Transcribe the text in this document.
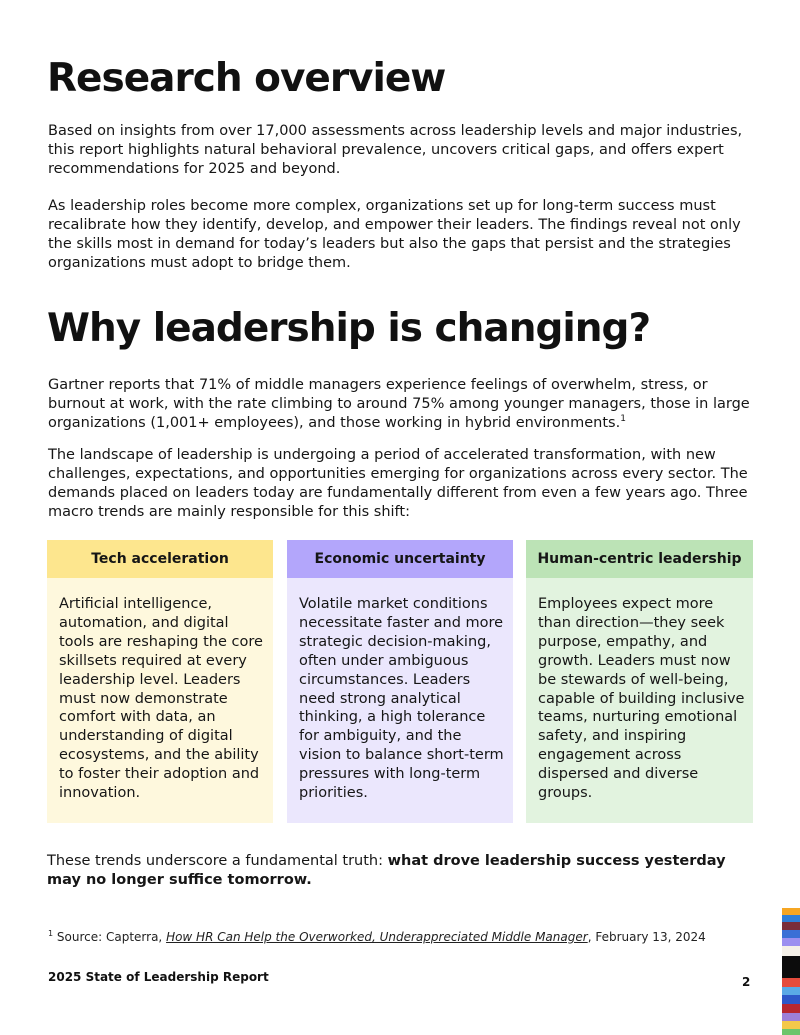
Research overview

Based on insights from over 17,000 assessments across leadership levels and major industries, this report highlights natural behavioral prevalence, uncovers critical gaps, and offers expert recommendations for 2025 and beyond.

As leadership roles become more complex, organizations set up for long-term success must recalibrate how they identify, develop, and empower their leaders. The findings reveal not only the skills most in demand for today’s leaders but also the gaps that persist and the strategies organizations must adopt to bridge them.

Why leadership is changing?

Gartner reports that 71% of middle managers experience feelings of overwhelm, stress, or burnout at work, with the rate climbing to around 75% among younger managers, those in large organizations (1,001+ employees), and those working in hybrid environments.$^1$

The landscape of leadership is undergoing a period of accelerated transformation, with new challenges, expectations, and opportunities emerging for organizations across every sector. The demands placed on leaders today are fundamentally different from even a few years ago. Three macro trends are mainly responsible for this shift:

Tech acceleration
Artificial intelligence, automation, and digital tools are reshaping the core skillsets required at every leadership level. Leaders must now demonstrate comfort with data, an understanding of digital ecosystems, and the ability to foster their adoption and innovation.
Economic uncertainty
Volatile market conditions necessitate faster and more strategic decision-making, often under ambiguous circumstances. Leaders need strong analytical thinking, a high tolerance for ambiguity, and the vision to balance short-term pressures with long-term priorities.
Human-centric leadership
Employees expect more than direction—they seek purpose, empathy, and growth. Leaders must now be stewards of well-being, capable of building inclusive teams, nurturing emotional safety, and inspiring engagement across dispersed and diverse groups.

These trends underscore a fundamental truth: what drove leadership success yesterday may no longer suffice tomorrow.

$^1$ Source: Capterra, How HR Can Help the Overworked, Underappreciated Middle Manager, February 13, 2024
2025 State of Leadership Report	2
